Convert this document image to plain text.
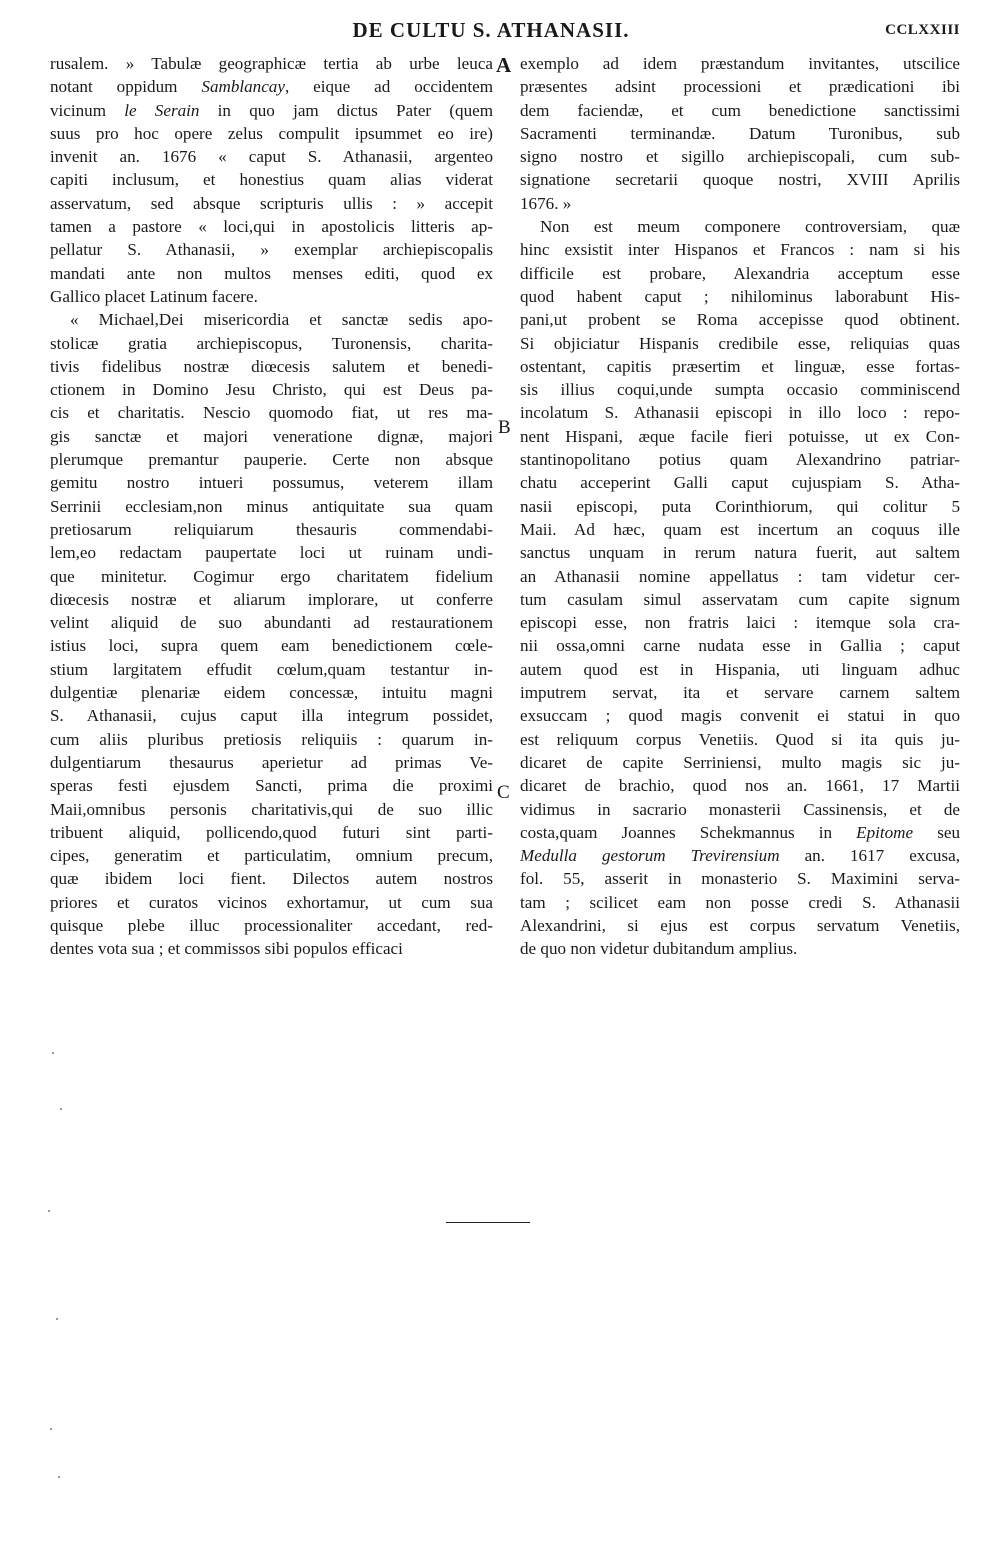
DE CULTU S. ATHANASII.	CCLXXIII
A
B
C
rusalem. » Tabulæ geographicæ tertia ab urbe leuca
notant oppidum Samblancay, eique ad occidentem
vicinum le Serain in quo jam dictus Pater (quem
suus pro hoc opere zelus compulit ipsummet eo ire)
invenit an. 1676 « caput S. Athanasii, argenteo
capiti inclusum, et honestius quam alias viderat
asservatum, sed absque scripturis ullis : » accepit
tamen a pastore « loci,qui in apostolicis litteris ap-
pellatur S. Athanasii, » exemplar archiepiscopalis
mandati ante non multos menses editi, quod ex
Gallico placet Latinum facere.
« Michael,Dei misericordia et sanctæ sedis apo-
stolicæ gratia archiepiscopus, Turonensis, charita-
tivis fidelibus nostræ diœcesis salutem et benedi-
ctionem in Domino Jesu Christo, qui est Deus pa-
cis et charitatis. Nescio quomodo fiat, ut res ma-
gis sanctæ et majori veneratione dignæ, majori
plerumque premantur pauperie. Certe non absque
gemitu nostro intueri possumus, veterem illam
Serrinii ecclesiam,non minus antiquitate sua quam
pretiosarum reliquiarum thesauris commendabi-
lem,eo redactam paupertate loci ut ruinam undi-
que minitetur. Cogimur ergo charitatem fidelium
diœcesis nostræ et aliarum implorare, ut conferre
velint aliquid de suo abundanti ad restaurationem
istius loci, supra quem eam benedictionem cœle-
stium largitatem effudit cœlum,quam testantur in-
dulgentiæ plenariæ eidem concessæ, intuitu magni
S. Athanasii, cujus caput illa integrum possidet,
cum aliis pluribus pretiosis reliquiis : quarum in-
dulgentiarum thesaurus aperietur ad primas Ve-
speras festi ejusdem Sancti, prima die proximi
Maii,omnibus personis charitativis,qui de suo illic
tribuent aliquid, pollicendo,quod futuri sint parti-
cipes, generatim et particulatim, omnium precum,
quæ ibidem loci fient. Dilectos autem nostros
priores et curatos vicinos exhortamur, ut cum sua
quisque plebe illuc processionaliter accedant, red-
dentes vota sua ; et commissos sibi populos efficaci
exemplo ad idem præstandum invitantes, utscilice
præsentes adsint processioni et prædicationi ibi
dem faciendæ, et cum benedictione sanctissimi
Sacramenti terminandæ. Datum Turonibus, sub
signo nostro et sigillo archiepiscopali, cum sub-
signatione secretarii quoque nostri, XVIII Aprilis
1676. »
Non est meum componere controversiam, quæ
hinc exsistit inter Hispanos et Francos : nam si his
difficile est probare, Alexandria acceptum esse
quod habent caput ; nihilominus laborabunt His-
pani,ut probent se Roma accepisse quod obtinent.
Si objiciatur Hispanis credibile esse, reliquias quas
ostentant, capitis præsertim et linguæ, esse fortas-
sis illius coqui,unde sumpta occasio comminiscend
incolatum S. Athanasii episcopi in illo loco : repo-
nent Hispani, æque facile fieri potuisse, ut ex Con-
stantinopolitano potius quam Alexandrino patriar-
chatu acceperint Galli caput cujuspiam S. Atha-
nasii episcopi, puta Corinthiorum, qui colitur 5
Maii. Ad hæc, quam est incertum an coquus ille
sanctus unquam in rerum natura fuerit, aut saltem
an Athanasii nomine appellatus : tam videtur cer-
tum casulam simul asservatam cum capite signum
episcopi esse, non fratris laici : itemque sola cra-
nii ossa,omni carne nudata esse in Gallia ; caput
autem quod est in Hispania, uti linguam adhuc
imputrem servat, ita et servare carnem saltem
exsuccam ; quod magis convenit ei statui in quo
est reliquum corpus Venetiis. Quod si ita quis ju-
dicaret de capite Serriniensi, multo magis sic ju-
dicaret de brachio, quod nos an. 1661, 17 Martii
vidimus in sacrario monasterii Cassinensis, et de
costa,quam Joannes Schekmannus in Epitome seu
Medulla gestorum Trevirensium an. 1617 excusa,
fol. 55, asserit in monasterio S. Maximini serva-
tam ; scilicet eam non posse credi S. Athanasii
Alexandrini, si ejus est corpus servatum Venetiis,
de quo non videtur dubitandum amplius.
